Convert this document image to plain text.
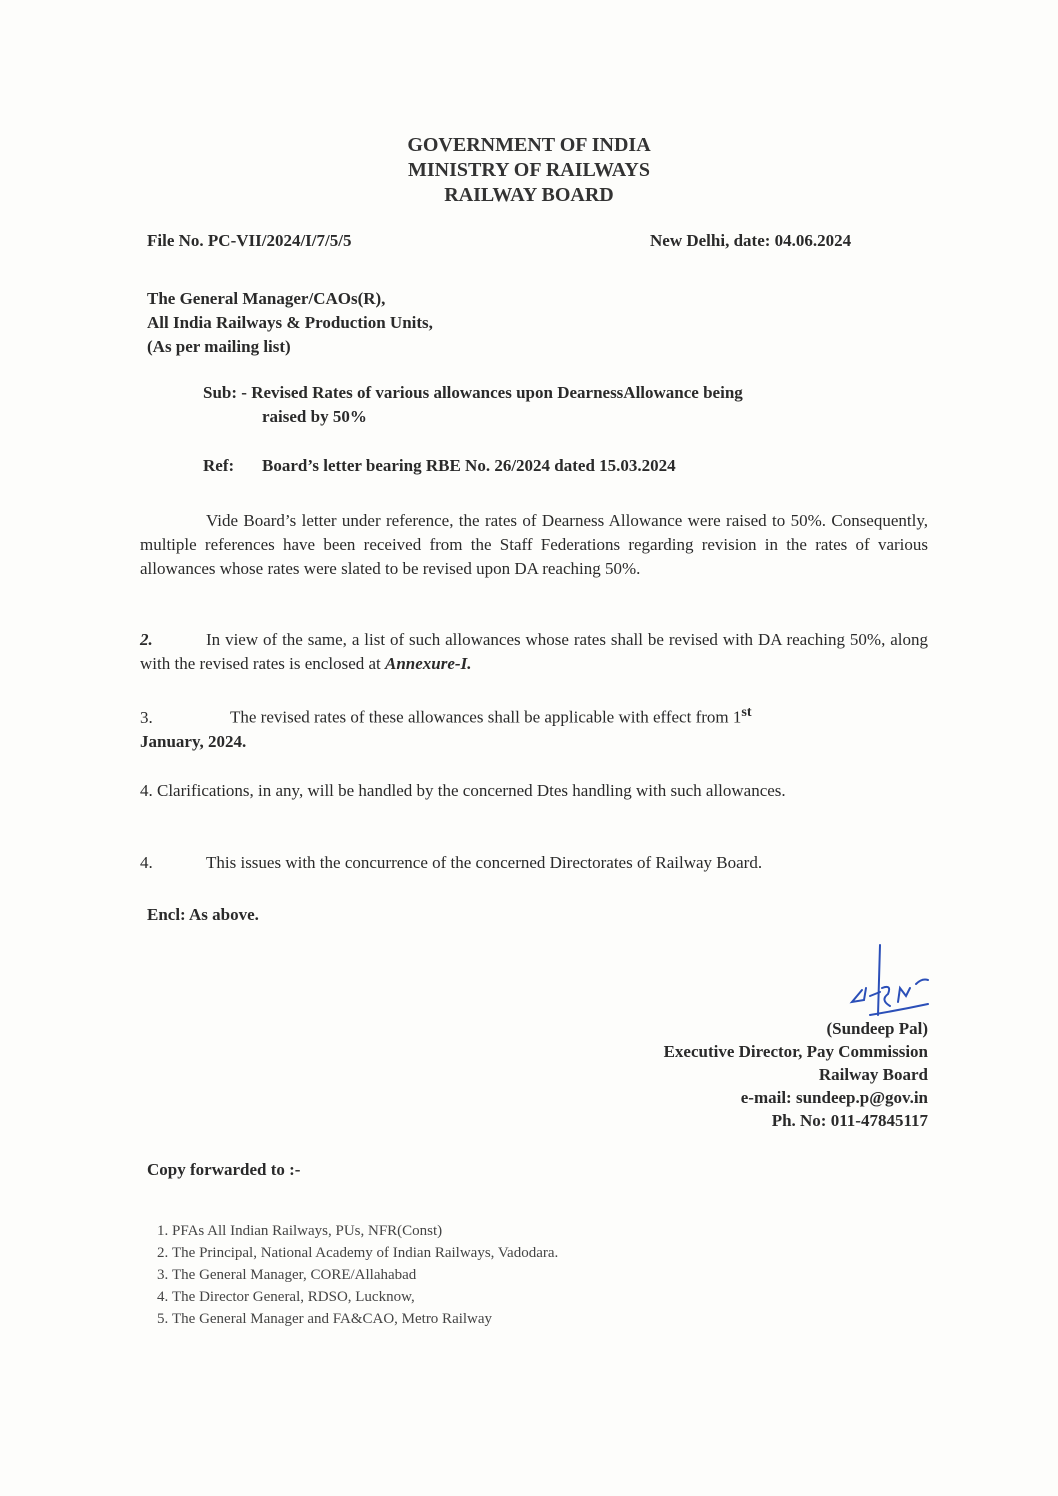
GOVERNMENT OF INDIA
MINISTRY OF RAILWAYS
RAILWAY BOARD
File No. PC-VII/2024/I/7/5/5	New Delhi, date: 04.06.2024
The General Manager/CAOs(R),
All India Railways & Production Units,
(As per mailing list)
Sub: - Revised Rates of various allowances upon DearnessAllowance being
raised by 50%
Ref: Board’s letter bearing RBE No. 26/2024 dated 15.03.2024
Vide Board’s letter under reference, the rates of Dearness Allowance were raised to 50%. Consequently, multiple references have been received from the Staff Federations regarding revision in the rates of various allowances whose rates were slated to be revised upon DA reaching 50%.
2.	In view of the same, a list of such allowances whose rates shall be revised with DA reaching 50%, along with the revised rates is enclosed at Annexure-I.
3.	The revised rates of these allowances shall be applicable with effect from 1st
January, 2024.
4. Clarifications, in any, will be handled by the concerned Dtes handling with such allowances.
4.	This issues with the concurrence of the concerned Directorates of Railway Board.
Encl: As above.
(Sundeep Pal)
Executive Director, Pay Commission
Railway Board
e-mail: sundeep.p@gov.in
Ph. No: 011-47845117
Copy forwarded to :-
1. PFAs All Indian Railways, PUs, NFR(Const)
2. The Principal, National Academy of Indian Railways, Vadodara.
3. The General Manager, CORE/Allahabad
4. The Director General, RDSO, Lucknow,
5. The General Manager and FA&CAO, Metro Railway
